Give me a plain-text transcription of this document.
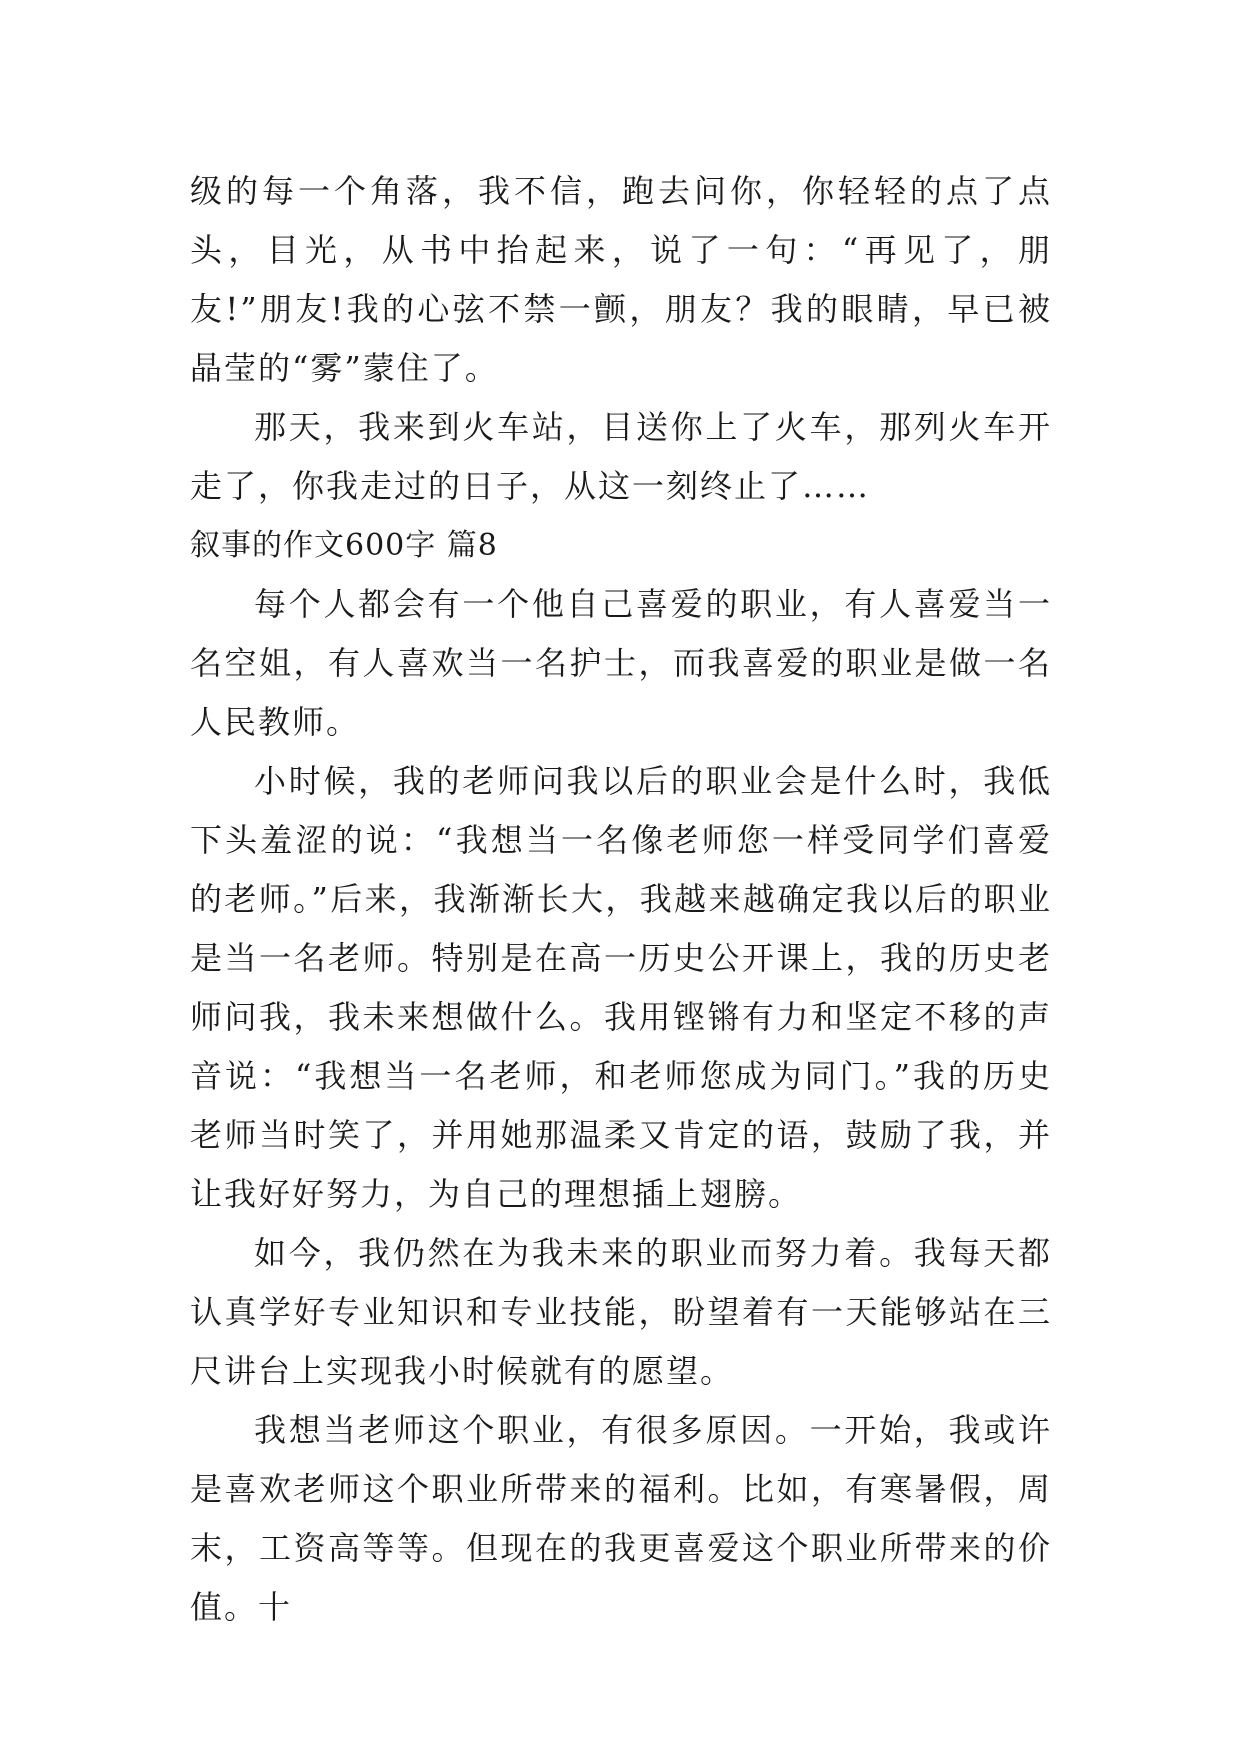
级的每一个角落，我不信，跑去问你，你轻轻的点了点头，目光，从书中抬起来，说了一句：“再见了，朋友!”朋友!我的心弦不禁一颤，朋友？我的眼睛，早已被晶莹的“雾”蒙住了。

那天，我来到火车站，目送你上了火车，那列火车开走了，你我走过的日子，从这一刻终止了……

叙事的作文600字 篇8

每个人都会有一个他自己喜爱的职业，有人喜爱当一名空姐，有人喜欢当一名护士，而我喜爱的职业是做一名人民教师。

小时候，我的老师问我以后的职业会是什么时，我低下头羞涩的说：“我想当一名像老师您一样受同学们喜爱的老师。”后来，我渐渐长大，我越来越确定我以后的职业是当一名老师。特别是在高一历史公开课上，我的历史老师问我，我未来想做什么。我用铿锵有力和坚定不移的声音说：“我想当一名老师，和老师您成为同门。”我的历史老师当时笑了，并用她那温柔又肯定的语，鼓励了我，并让我好好努力，为自己的理想插上翅膀。

如今，我仍然在为我未来的职业而努力着。我每天都认真学好专业知识和专业技能，盼望着有一天能够站在三尺讲台上实现我小时候就有的愿望。

我想当老师这个职业，有很多原因。一开始，我或许是喜欢老师这个职业所带来的福利。比如，有寒暑假，周末，工资高等等。但现在的我更喜爱这个职业所带来的价值。十
